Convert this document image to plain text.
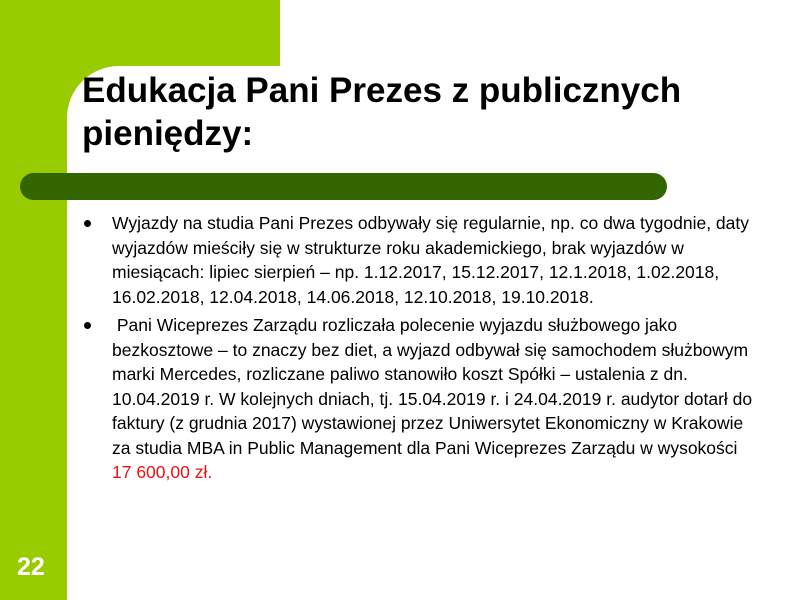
Edukacja Pani Prezes z publicznych pieniędzy:
Wyjazdy na studia Pani Prezes odbywały się regularnie, np. co dwa tygodnie, daty wyjazdów mieściły się w strukturze roku akademickiego, brak wyjazdów w miesiącach: lipiec sierpień – np. 1.12.2017, 15.12.2017, 12.1.2018, 1.02.2018, 16.02.2018, 12.04.2018, 14.06.2018, 12.10.2018, 19.10.2018.
Pani Wiceprezes Zarządu rozliczała polecenie wyjazdu służbowego jako bezkosztowe – to znaczy bez diet, a wyjazd odbywał się samochodem służbowym marki Mercedes, rozliczane paliwo stanowiło koszt Spółki – ustalenia z dn. 10.04.2019 r. W kolejnych dniach, tj. 15.04.2019 r. i 24.04.2019 r. audytor dotarł do faktury (z grudnia 2017) wystawionej przez Uniwersytet Ekonomiczny w Krakowie za studia MBA in Public Management dla Pani Wiceprezes Zarządu w wysokości 17 600,00 zł.
22
